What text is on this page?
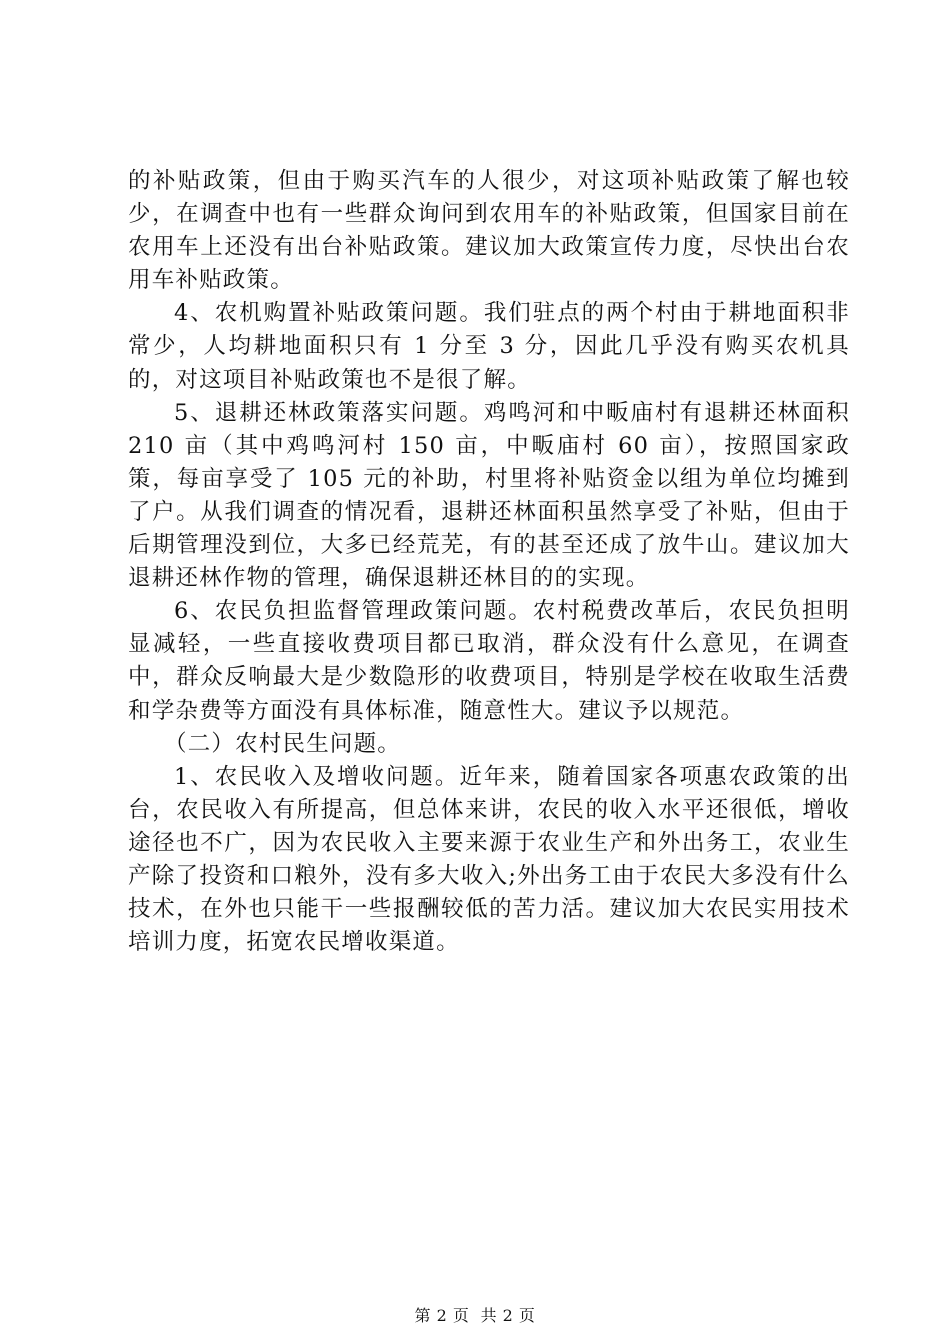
的补贴政策，但由于购买汽车的人很少，对这项补贴政策了解也较少，在调查中也有一些群众询问到农用车的补贴政策，但国家目前在农用车上还没有出台补贴政策。建议加大政策宣传力度，尽快出台农用车补贴政策。

4、农机购置补贴政策问题。我们驻点的两个村由于耕地面积非常少，人均耕地面积只有 1 分至 3 分，因此几乎没有购买农机具的，对这项目补贴政策也不是很了解。

5、退耕还林政策落实问题。鸡鸣河和中畈庙村有退耕还林面积 210 亩（其中鸡鸣河村 150 亩，中畈庙村 60 亩），按照国家政策，每亩享受了 105 元的补助，村里将补贴资金以组为单位均摊到了户。从我们调查的情况看，退耕还林面积虽然享受了补贴，但由于后期管理没到位，大多已经荒芜，有的甚至还成了放牛山。建议加大退耕还林作物的管理，确保退耕还林目的的实现。

6、农民负担监督管理政策问题。农村税费改革后，农民负担明显减轻，一些直接收费项目都已取消，群众没有什么意见，在调查中，群众反响最大是少数隐形的收费项目，特别是学校在收取生活费和学杂费等方面没有具体标准，随意性大。建议予以规范。

（二）农村民生问题。

1、农民收入及增收问题。近年来，随着国家各项惠农政策的出台，农民收入有所提高，但总体来讲，农民的收入水平还很低，增收途径也不广，因为农民收入主要来源于农业生产和外出务工，农业生产除了投资和口粮外，没有多大收入;外出务工由于农民大多没有什么技术，在外也只能干一些报酬较低的苦力活。建议加大农民实用技术培训力度，拓宽农民增收渠道。

第 2 页 共 2 页
